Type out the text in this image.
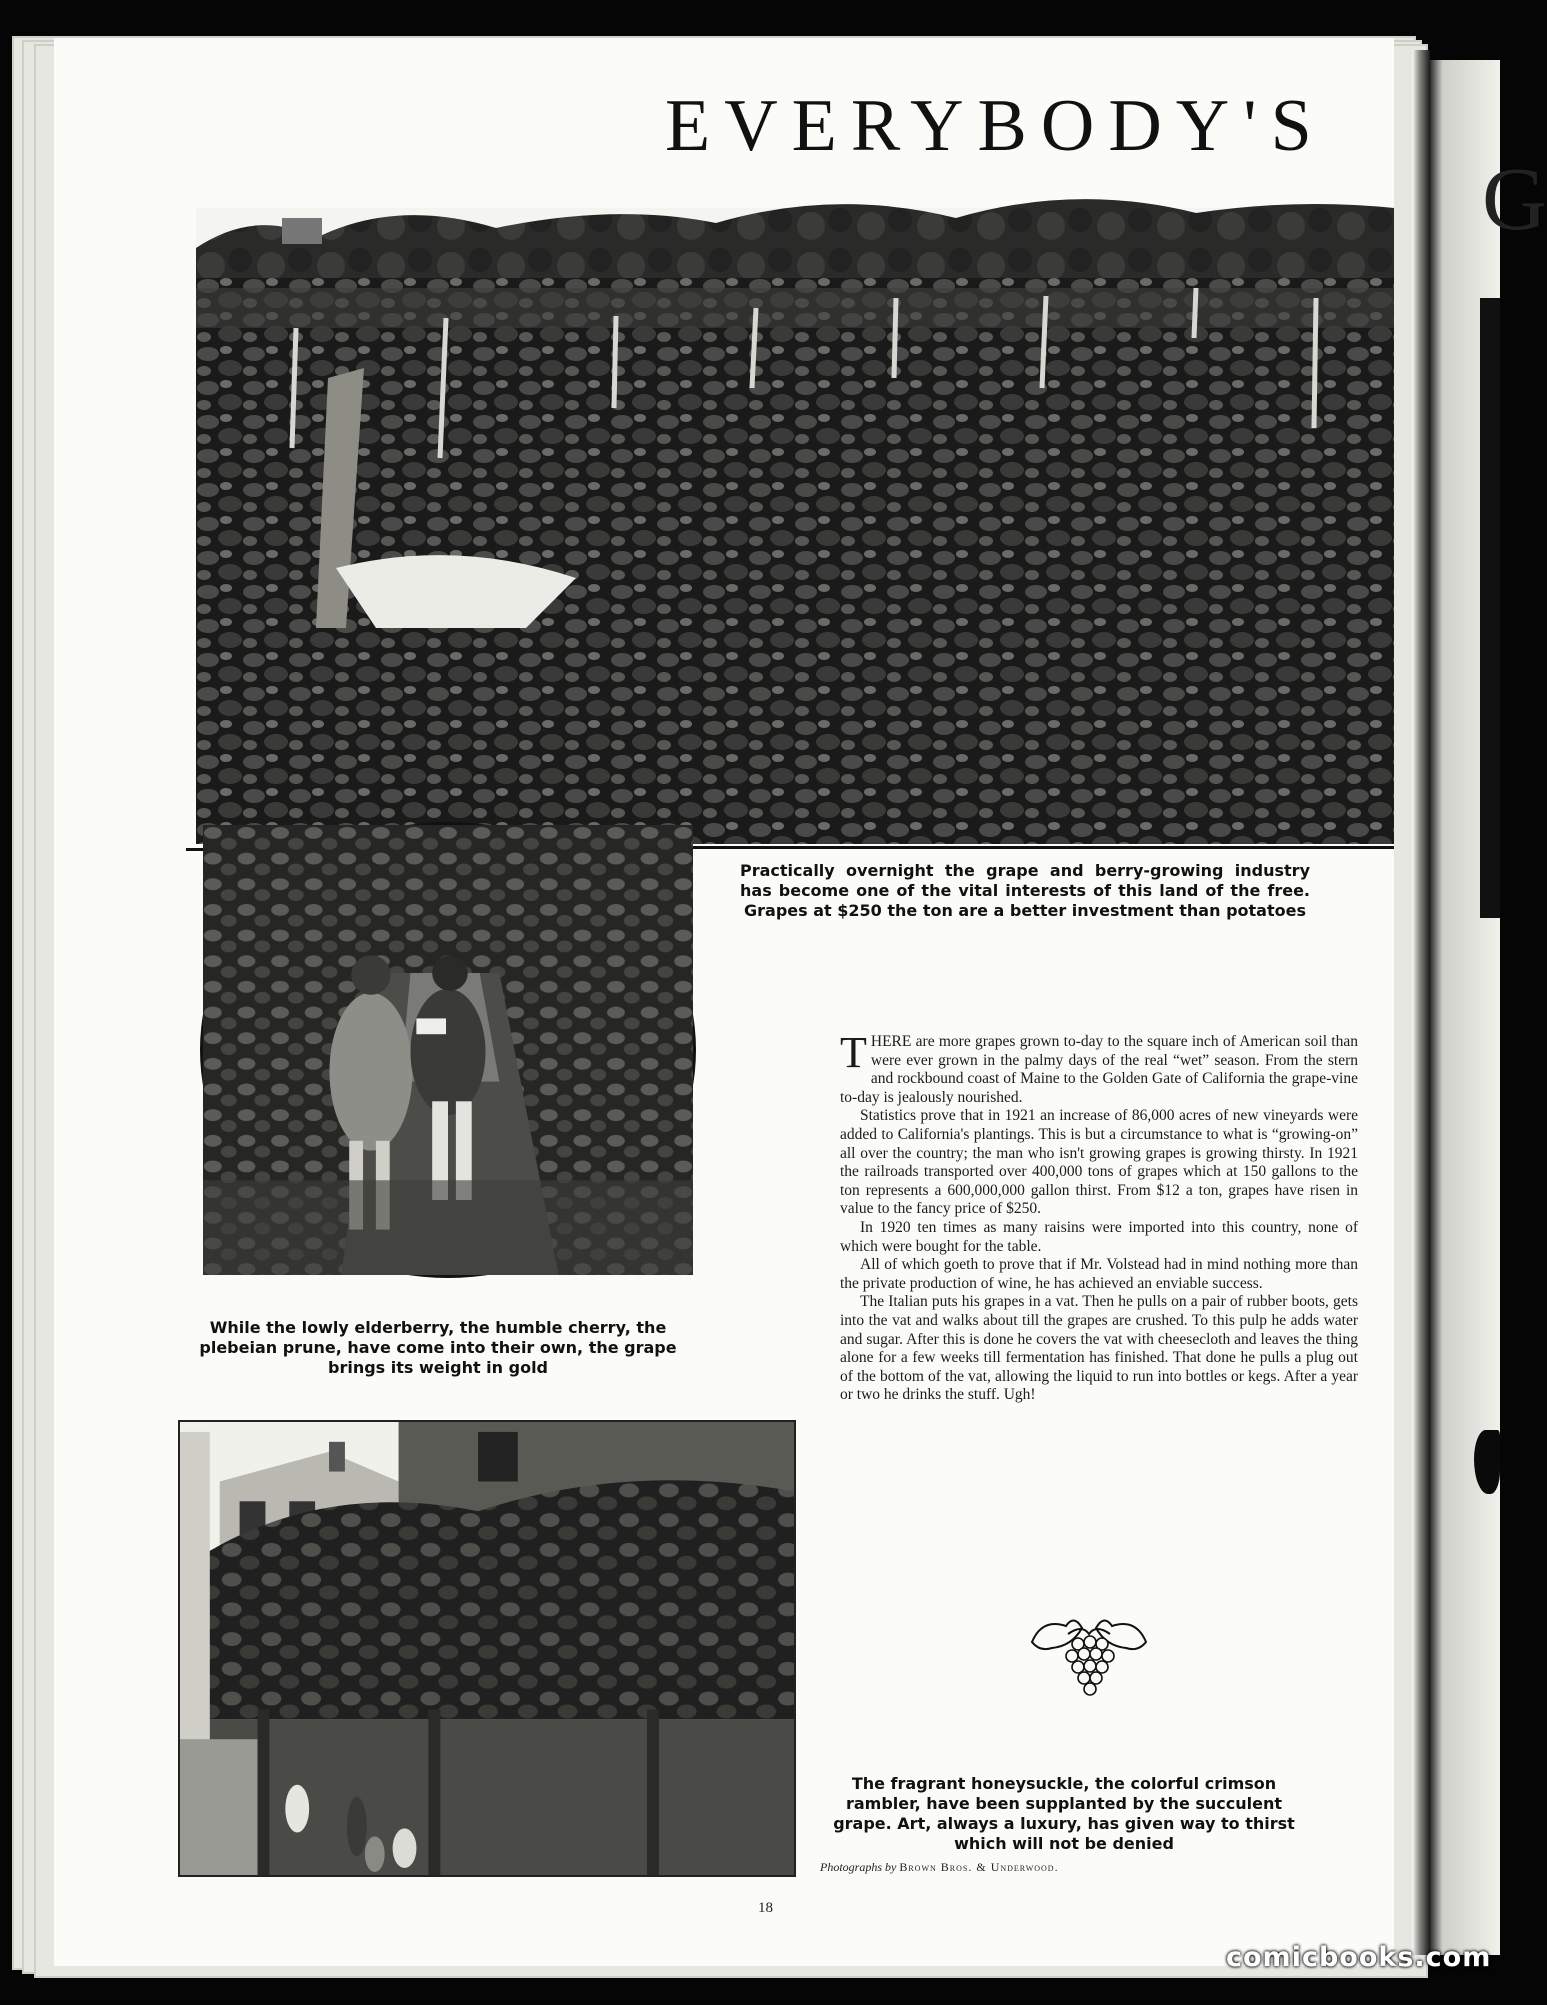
G
EVERYBODY'S

Practically overnight the grape and berry-growing industry has become one of the vital interests of this land of the free. Grapes at $250 the ton are a better investment than potatoes

While the lowly elderberry, the humble cherry, the plebeian prune, have come into their own, the grape brings its weight in gold

The fragrant honeysuckle, the colorful crimson rambler, have been supplanted by the succulent grape. Art, always a luxury, has given way to thirst which will not be denied

THERE are more grapes grown to-day to the square inch of American soil than were ever grown in the palmy days of the real “wet” season. From the stern and rockbound coast of Maine to the Golden Gate of California the grape-vine to-day is jealously nourished.

Statistics prove that in 1921 an increase of 86,000 acres of new vineyards were added to California's plantings. This is but a circumstance to what is “growing-on” all over the country; the man who isn't growing grapes is growing thirsty. In 1921 the railroads transported over 400,000 tons of grapes which at 150 gallons to the ton represents a 600,000,000 gallon thirst. From $12 a ton, grapes have risen in value to the fancy price of $250.

In 1920 ten times as many raisins were imported into this country, none of which were bought for the table.

All of which goeth to prove that if Mr. Volstead had in mind nothing more than the private production of wine, he has achieved an enviable success.

The Italian puts his grapes in a vat. Then he pulls on a pair of rubber boots, gets into the vat and walks about till the grapes are crushed. To this pulp he adds water and sugar. After this is done he covers the vat with cheesecloth and leaves the thing alone for a few weeks till fermentation has finished. That done he pulls a plug out of the bottom of the vat, allowing the liquid to run into bottles or kegs. After a year or two he drinks the stuff. Ugh!

Photographs by Brown Bros. & Underwood.
18
comicbooks.com
